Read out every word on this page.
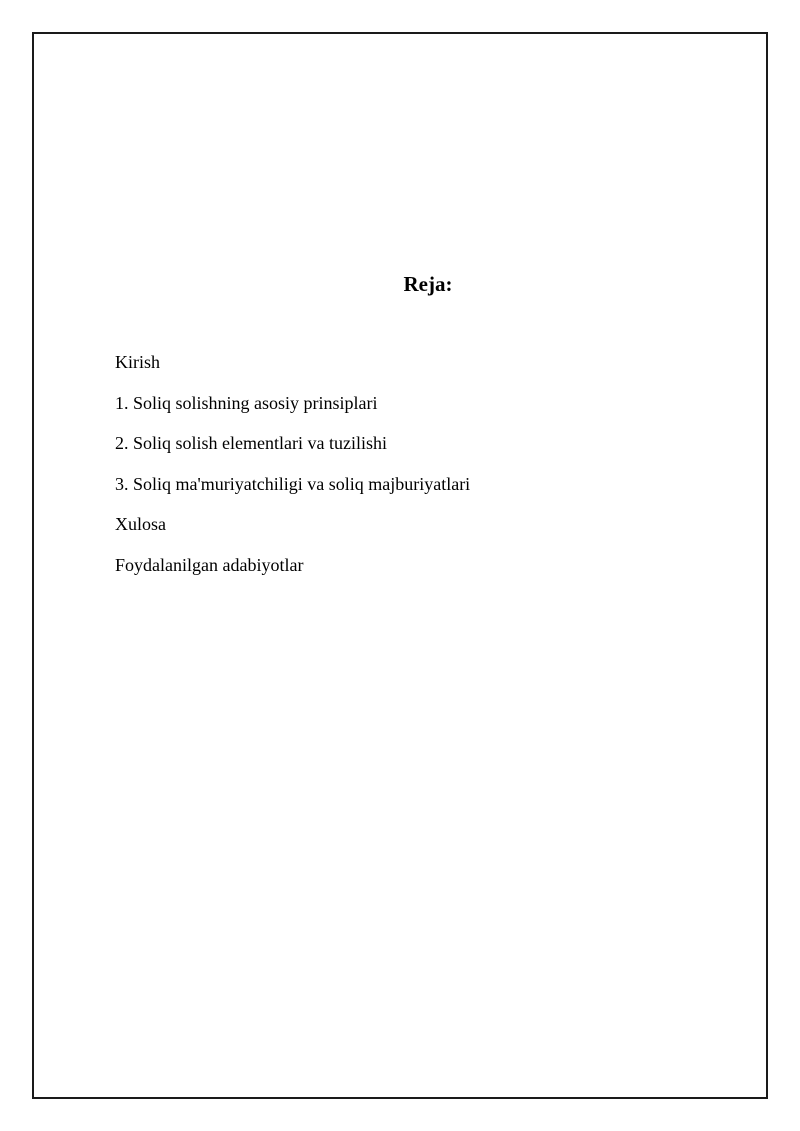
Reja:
Kirish
1. Soliq solishning asosiy prinsiplari
2. Soliq solish elementlari va tuzilishi
3. Soliq ma'muriyatchiligi va soliq majburiyatlari
Xulosa
Foydalanilgan adabiyotlar
